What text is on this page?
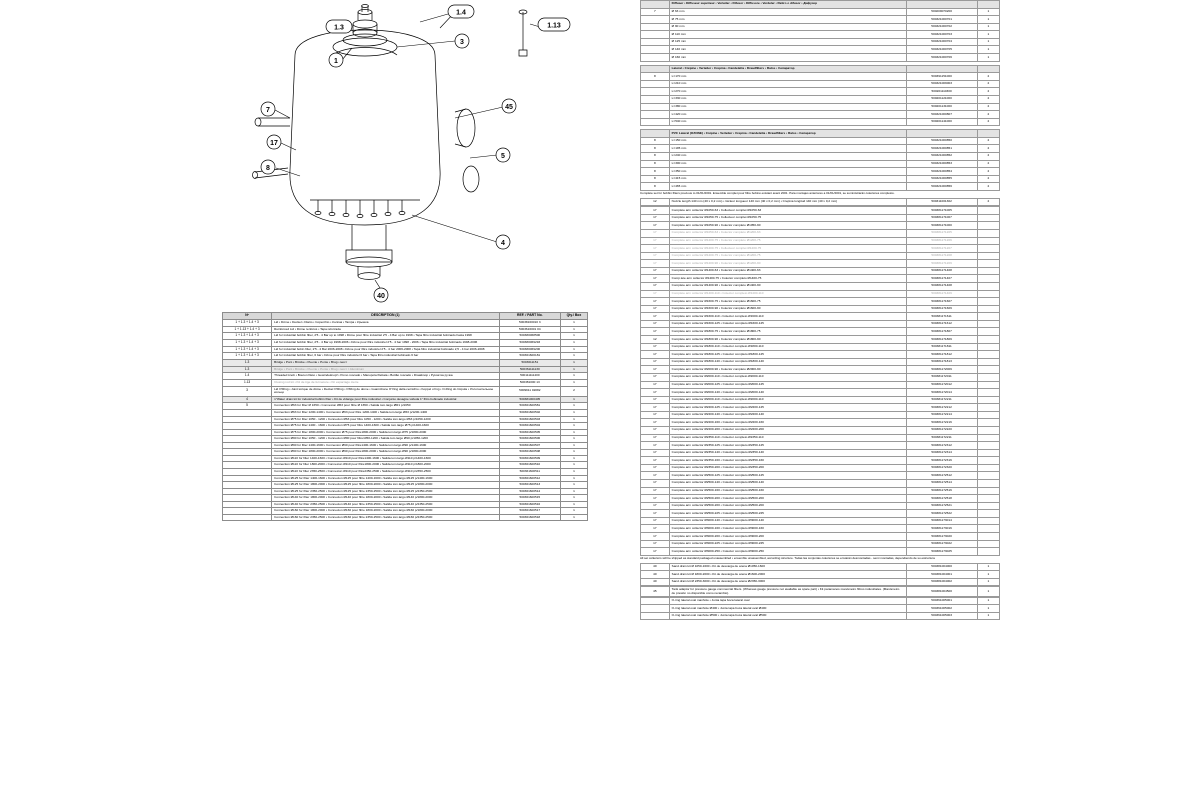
1.4
1.3
3
1.13
1
7	45
17
5
8
4
40
Nº	DESCRIPTION (1)	REF. / PART No.	Qty./ Box
1 + 1.3 + 1.4 + 3	Lid • Dôme • Deckel • Diario • Coperchio • Колпак • Tampa • Крышка	50038160010 3	1
1 + 1.13 + 1.4 + 3	Reinforced Lid • Dôme renforcé • Tapa reforzada	5003616001 04	1
1 + 1.3 + 1.4 + 3	Lid for industrial bobbin filter, 2'5 - 4 Bar up to 1998 • Dôme pour filtre industriel 2'5 - 4 Bar up to 1998 • Tapa filtro industrial bobinado hasta 1998	500380068500	1
1 + 1.3 + 1.4 + 3	Lid for industrial bobbin filter, 2'5 - 4 Bar up 1998-2006 • Dôme pour filtre industriel 2'5 - 4 bar 1998 - 2006 • Tapa filtro industrial bobinado 1998-2006	500380069293	1
1 + 1.3 + 1.4 + 3	Lid for industrial bobin filter, 2'5 - 4 Bar 2006-2008 • Dôme pour filtre industriel 2'5 - 4 bar 2006-2008 • Tapa filtro industrial bobinado 2,5 - 4 bar 2006-2008	500380069200	1
1 + 1.3 + 1.4 + 3	Lid for industrial bobbin filter, 6 bar • Dôme pour filtre industriel 6 bar • Tapa filtro industrial bobinado 6 bar	500361600181	1
1.3	Bridge • Pont • Brücke • Puente • Ponte • Brug • мост	5003611151	1
1.3	Bridge • Pont • Brücke • Puente • Ponte • Brug • мост / Aluminium	500361111130	1
1.4	Threaded knob • Bouton fileté • Gewindeknopf • Pomo roscado • Manopola filettata • Bottão roscado • Draaiknop • Рукоятка ручка	500111111400	1
1.13	Closing rod kit • Kit de tige de fermeture • Kit esparrago cierre	500381000 13	1
3	Lid O'Ring • Joint torique de dôme • Deckel O'Ring • O'Ring de dome • Guarnizione O'Ving della cernichio • Koppel o'ring • O-Ring do Cúpula • Уплотнительное кольцо	5009911 02082	2
4	1"Water drain kit for industrial bobbin filter • Kit de vidange pour filtre industriel • Conjunto desagüe válvula 1" filtro bobinado industrial	500381000405	1
5	Connection Ø63 for filter Ø 1650 • Connexion Ø63 pour filtre Ø 1650 • Salida tom.largo ØR1 p/1650	500361600581	1
	Connection Ø63 for filter 1200-1400 • Connexion Ø63 pour filtre 1200-1400 • Salida tom.largo Ø63 p/1200-1400	500361600502	1
	Connection Ø75 for filter 1050 - 1200 • Connexion Ø63 pour filtre 1050 - 1200 • Salida tom.largo Ø63 p/1050-1200	500361600503	1
	Connection Ø75 for filter 1400 - 1600 • Connexion Ø75 pour filtre 1400-1600 • Salida tom.largo Ø75 p/1400-1600	500361600504	1
	Connection Ø75 for filter 1800-2000 • Connexion Ø75 pour filtre1800-2000 • Salida tom.largo Ø75 p/1800-2000	500361600505	1
	Connection Ø90 for filter 1050 - 1200 • Connexion Ø90 pour filtre1050-1200 • Salida tom.largo Ø90 p/1050-1200	500361600506	1
	Connection Ø90 for filter 1400-1600 • Connexion Ø90 pour filtre1400-1600 • Salida tom.largo Ø90 p/1400-1600	500361600507	1
	Connection Ø90 for filter 1800-2000 • Connexion Ø90 pour filtre1800-2000 • Salida tom.largo Ø90 p/1800-2000	500361600508	1
	Connection Ø110 for filter 1400-1600 • Connexion Ø110 pour filtre1400-1600 • Salida tom.largo Ø110 p/1400-1600	500361600509	1
	Connection Ø110 for filter 1800-2000 • Connexion Ø110 pour filtre1800-2000 • Salida tom.largo Ø110 p/1800-2000	500361600510	1
	Connection Ø110 for filter 2350-2500 • Connexion Ø110 pour filtre2350-2500 • Salida tom.largo Ø110 p/2350-2500	500361600511	1
	Connection Ø125 for filter 1400-1600 • Connexion Ø125 pour filtre 1400-1600 • Salida tom.largo Ø125 p/1400-1600	500361600512	1
	Connection Ø125 for filter 1800-2000 • Connexion Ø125 pour filtre 1800-2000 • Salida tom.largo Ø125 p/1800-2000	500361600513	1
	Connection Ø125 for filter 2350-2500 • Connexion Ø125 pour filtre 2350-2500 • Salida tom.largo Ø125 p/2350-2500	500361600514	1
	Connection Ø140 for filter 1800-2000 • Connexion Ø140 pour filtre 1800-2000 • Salida tom.largo Ø140 p/1800-2000	500361600515	1
	Connection Ø140 for filter 2350-2500 • Connexion Ø140 pour filtre 2350-2500 • Salida tom.largo Ø140 p/2350-2500	500361600516	1
	Connection Ø160 for filter 1800-2000 • Connexion Ø160 pour filtre 1800-2000 • Salida tom.largo Ø160 p/1800-2000	500361600517	1
	Connection Ø160 for filter 2350-2500 • Connexion Ø160 pour filtre 2350-2500 • Salida tom.largo Ø160 p/2350-2500	500361600518	1
	Diffuser • Diffuseur supérieur • Verteiler • Difusor • Diffusore • Verdeler • Retiro o difusor • Дифузор		
7	Ø 63 mm	500209070200	1
	Ø 75 mm	500321000701	1
	Ø 90 mm	500321000702	1
	Ø 110 mm	500321000703	1
	Ø 125 mm	500321000704	1
	Ø 140 mm	500321000705	1
	Ø 160 mm	500321000706	1
	Lateral • Crépine • Verteiler • Crepina • Candeletta • Draadfilters • Ralos • Сепаратор		
8	L=170 mm	500391151000	2
	L=210 mm	500321009003	2
	L=270 mm	500201110300	2
	L=330 mm	500201121000	2
	L=380 mm	500201131000	2
	L=420 mm	500321000807	2
	L=540 mm	500201141000	2
	PVC Lateral (OZONE) • Crépine • Verteiler • Crepina • Candeletta • Draadfilters • Ralos • Сепаратор		
8	L=150 mm	500321000850	2
8	L=195 mm	500321000851	2
8	L=240 mm	500321000852	2
8	L=300 mm	500321000853	2
8	L=350 mm	500321000854	2
8	L=415 mm	500321000855	2
8	L=465 mm	500321000856	2
Complete set for bobbin filters previous to 01/01/2001. Ensemble complet pour filtre bobiné existant avant 2001. Para montajes anteriores a 01/01/2001, se suministrarán colectores completos.
12	Nozzle length 140 mm (40 x 0,2 mm) • Gicleur longueur 140 mm (40 x 0,2 mm) • Crepina longitud 140 mm (40 x 0,2 mm)	500311001302	2
17	Complete arm collector Ø1050-63 • Collecteur complet Ø1050-63	500381171005	
17	Complete arm collector Ø1050-75 • Collecteur complet Ø1050-75	500381171007	
17	Complete arm collector Ø1050-90 • Colector completo Ø1050-90	500381171000	
17	Complete arm collector Ø1050-63 • Colector completo Ø1200-63	500381171205	
17	Complete arm collector Ø1200-75 • Colector completo Ø1200-75	500381171206	
17	Complete arm collector Ø1200-75 • Collecteur complet Ø1200-75	500381171207	
17	Complete arm collector Ø1200-75 • Colector completo Ø1200-75	500381171208	
17	Complete arm collector Ø1200-90 • Colector completo Ø1200-90	500381171209	
17	Complete arm collector Ø1400-63 • Colector completo Ø1400-63	500381171408	
17	Comp.lete arm collector Ø1400-75 • Colector completo Ø1400-75	500381171407	
17	Complete arm collector Ø1400-90 • Colector completo Ø1400-90	500381171408	
17	Complete arm collector Ø1400-110 • Colector completo Ø1400-110	500381171409	
17	Complete arm collector Ø1600-75 • Colector completo Ø1600-75	500381171607	
17	Complete arm collector Ø1600-90 • Colector completo Ø1600-90	500381171609	
17	Complete arm collector Ø1600-110 • Colector completo Ø1600-110	500381171611	
17	Complete arm collector Ø1600-125 • Colector completo Ø1600-125	500381171612	
17	Complete arm collector Ø1800-75 • Colector completo Ø1800-75	500381171807	
12	Complete arm collector Ø1800-90 • Colector completo Ø1800-90	500381171809	
17	Complete arm collector Ø1800-110 • Colector completo Ø1800-110	500381171811	
17	Complete arm collector Ø1800-125 • Colector completo Ø1800-125	500381171812	
17	Complete arm collector Ø1800-140 • Colector completo Ø1800-140	500381171813	
17	Complete arm collector Ø2000-90 • Colector completo Ø2000-90	500381172009	
17	Complete arm collector Ø2000-110 • Colector completo Ø2000-110	500381172011	
17	Complete arm collector Ø2000-125 • Colector completo Ø2000-125	500381172012	
17	Complete arm collector Ø2000-140 • Colector completo Ø2000-140	500381172014	
17	Complete arm collector Ø2000-110 • Colector completo Ø2000-110	500381172211	
17	Complete arm collector Ø2200-125 • Colector completo Ø2200-125	500381172212	
17	Complete arm collector Ø2200-140 • Colector completo Ø2200-140	500381172214	
17	Complete arm collector Ø2200-160 • Colector completo Ø2200-160	500381172216	
17	Complete arm collector Ø2200-200 • Colector completo Ø2200-200	500381172220	
17	Complete arm collector Ø2350-110 • Colector completo Ø2350-110	500381172211	
17	Complete arm collector Ø2350-125 • Colector completo Ø2350-125	500381172312	
17	Complete arm collector Ø2350-140 • Colector completo Ø2350-140	500381172314	
17	Complete arm collector Ø2350-160 • Colector completo Ø2350-160	500381172316	
17	Complete arm collector Ø2350-200 • Colector completo Ø2350-200	500381172320	
17	Complete arm collector Ø2500-125 • Colector completo Ø2500-125	500381172512	
17	Complete arm collector Ø2500-140 • Colector completo Ø2500-140	500381172514	
17	Complete arm collector Ø2500-160 • Colector completo Ø2500-160	500381172516	
17	Complete arm collector Ø2500-200 • Colector completo Ø2500-200	500381172518	
17	Complete arm collector Ø2500-200 • Colector completo Ø2500-200	500381172521	
17	Complete arm collector Ø2500-225 • Colector completo Ø2500-225	500381172522	
17	Complete arm collector Ø3000-140 • Colector completo Ø3000-140	500381173014	
17	Complete arm collector Ø3000-160 • Colector completo Ø3000-160	500381173016	
17	Complete arm collector Ø3000-200 • Colector completo Ø3000-200	500381173020	
17	Complete arm collector Ø3000-225 • Colector completo Ø3000-225	500381173022	
17	Complete arm collector Ø3000-250 • Colector completo Ø3000-250	500381173025	
All set collectors will be shipped as standard packaged unassembled • ensemble unassembled, according structure. Todas las conjuntas colectores se enviarán desmontadas - semi montadas, dependiendo de su estructura
40	Sand drain kit Ø 1050-1600 • Kit de descarga de arena Ø1050-1600	500381004000	1
40	Sand drain kit Ø 1800-2000 • Kit de descarga de arena Ø1600-2000	500381004001	1
40	Sand drain kit Ø 2350-3000 • Kit de descarga de arena Ø2350-3000	500381004002	1
45	Tank adaptor for pressure gauge commercial filters. (Whereas gauge pressure not available as spare part) • Kit paramanos manómetro filtros industriales. (Manómetro de presión no disponible como recambio).	500381004500	1
	O-ring lateral oval manhole • Junta tapa boca lateral oval	500361005001	1
	O-ring lateral oval manhole Ø400 • Junta tapa boca lateral oval Ø400	500361005002	1
	O-ring lateral oval manhole Ø500 • Junta tapa boca lateral oval Ø500	500361005003	1
